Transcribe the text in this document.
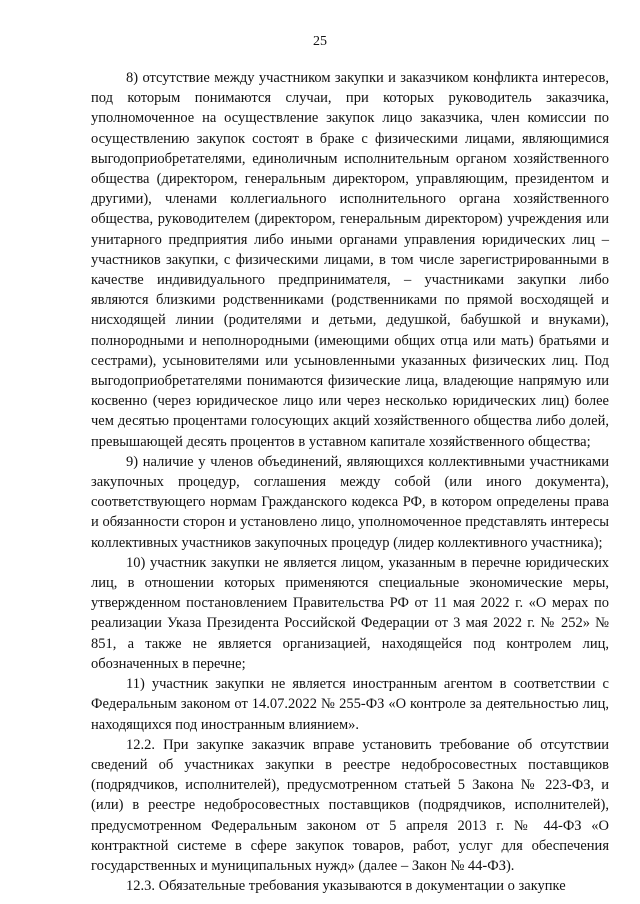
25

8) отсутствие между участником закупки и заказчиком конфликта интересов, под которым понимаются случаи, при которых руководитель заказчика, уполномоченное на осуществление закупок лицо заказчика, член комиссии по осуществлению закупок состоят в браке с физическими лицами, являющимися выгодоприобретателями, единоличным исполнительным органом хозяйственного общества (директором, генеральным директором, управляющим, президентом и другими), членами коллегиального исполнительного органа хозяйственного общества, руководителем (директором, генеральным директором) учреждения или унитарного предприятия либо иными органами управления юридических лиц – участников закупки, с физическими лицами, в том числе зарегистрированными в качестве индивидуального предпринимателя, – участниками закупки либо являются близкими родственниками (родственниками по прямой восходящей и нисходящей линии (родителями и детьми, дедушкой, бабушкой и внуками), полнородными и неполнородными (имеющими общих отца или мать) братьями и сестрами), усыновителями или усыновленными указанных физических лиц. Под выгодоприобретателями понимаются физические лица, владеющие напрямую или косвенно (через юридическое лицо или через несколько юридических лиц) более чем десятью процентами голосующих акций хозяйственного общества либо долей, превышающей десять процентов в уставном капитале хозяйственного общества;

9) наличие у членов объединений, являющихся коллективными участниками закупочных процедур, соглашения между собой (или иного документа), соответствующего нормам Гражданского кодекса РФ, в котором определены права и обязанности сторон и установлено лицо, уполномоченное представлять интересы коллективных участников закупочных процедур (лидер коллективного участника);

10) участник закупки не является лицом, указанным в перечне юридических лиц, в отношении которых применяются специальные экономические меры, утвержденном постановлением Правительства РФ от 11 мая 2022 г. «О мерах по реализации Указа Президента Российской Федерации от 3 мая 2022 г. № 252» № 851, а также не является организацией, находящейся под контролем лиц, обозначенных в перечне;

11) участник закупки не является иностранным агентом в соответствии с Федеральным законом от 14.07.2022 № 255-ФЗ «О контроле за деятельностью лиц, находящихся под иностранным влиянием».

12.2. При закупке заказчик вправе установить требование об отсутствии сведений об участниках закупки в реестре недобросовестных поставщиков (подрядчиков, исполнителей), предусмотренном статьей 5 Закона № 223-ФЗ, и (или) в реестре недобросовестных поставщиков (подрядчиков, исполнителей), предусмотренном Федеральным законом от 5 апреля 2013 г. № 44-ФЗ «О контрактной системе в сфере закупок товаров, работ, услуг для обеспечения государственных и муниципальных нужд» (далее – Закон № 44-ФЗ).

12.3. Обязательные требования указываются в документации о закупке
